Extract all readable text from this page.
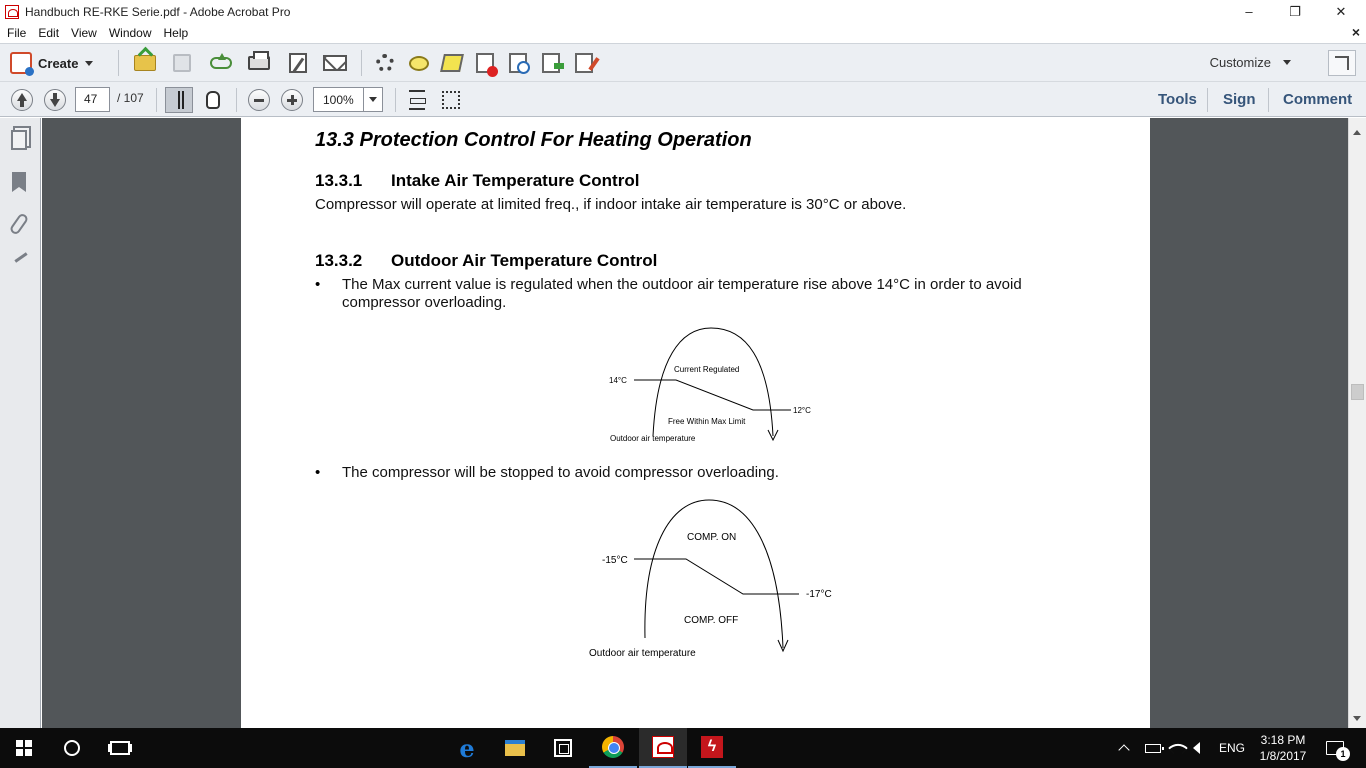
Handbuch RE-RKE Serie.pdf - Adobe Acrobat Pro	–	❐	✕
File	Edit	View	Window	Help	×
Create	Customize
47	/ 107	100%	Tools Sign Comment
13.3 Protection Control For Heating Operation
13.3.1 Intake Air Temperature Control
Compressor will operate at limited freq., if indoor intake air temperature is 30°C or above.
13.3.2 Outdoor Air Temperature Control
• The Max current value is regulated when the outdoor air temperature rise above 14°C in order to avoid
compressor overloading.
14°C
12°C
Current Regulated
Free Within Max Limit
Outdoor air temperature
• The compressor will be stopped to avoid compressor overloading.
-15°C
-17°C
COMP. ON
COMP. OFF
Outdoor air temperature
e	ϟ	ENG
3:18 PM
1/8/2017	1
